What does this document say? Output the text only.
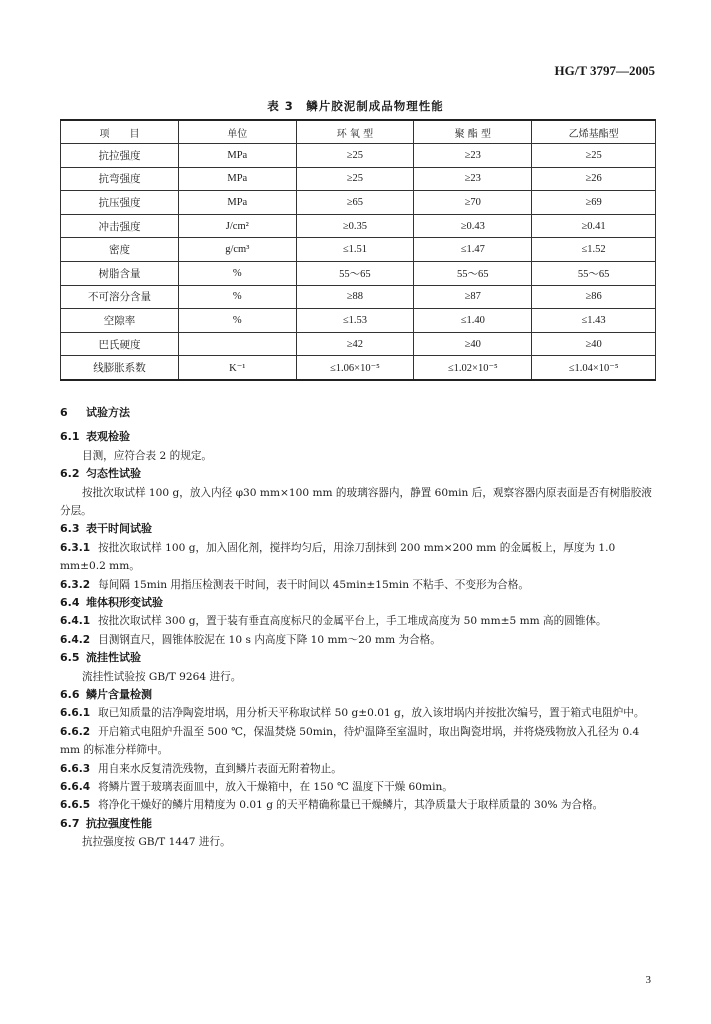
HG/T 3797—2005
表 3　鳞片胶泥制成品物理性能
项　　目	单位	环 氧 型	聚 酯 型	乙烯基酯型
抗拉强度	MPa	≥25	≥23	≥25
抗弯强度	MPa	≥25	≥23	≥26
抗压强度	MPa	≥65	≥70	≥69
冲击强度	J/cm²	≥0.35	≥0.43	≥0.41
密度	g/cm³	≤1.51	≤1.47	≤1.52
树脂含量	%	55～65	55～65	55～65
不可溶分含量	%	≥88	≥87	≥86
空隙率	%	≤1.53	≤1.40	≤1.43
巴氏硬度		≥42	≥40	≥40
线膨胀系数	K⁻¹	≤1.06×10⁻⁵	≤1.02×10⁻⁵	≤1.04×10⁻⁵
6 试验方法
6.1 表观检验
目测，应符合表 2 的规定。
6.2 匀态性试验
按批次取试样 100 g，放入内径 φ30 mm×100 mm 的玻璃容器内，静置 60min 后，观察容器内原表面是否有树脂胶液分层。
6.3 表干时间试验
6.3.1 按批次取试样 100 g，加入固化剂，搅拌均匀后，用涂刀刮抹到 200 mm×200 mm 的金属板上，厚度为 1.0 mm±0.2 mm。
6.3.2 每间隔 15min 用指压检测表干时间，表干时间以 45min±15min 不粘手、不变形为合格。
6.4 堆体积形变试验
6.4.1 按批次取试样 300 g，置于装有垂直高度标尺的金属平台上，手工堆成高度为 50 mm±5 mm 高的圆锥体。
6.4.2 目测钢直尺，圆锥体胶泥在 10 s 内高度下降 10 mm～20 mm 为合格。
6.5 流挂性试验
流挂性试验按 GB/T 9264 进行。
6.6 鳞片含量检测
6.6.1 取已知质量的洁净陶瓷坩埚，用分析天平称取试样 50 g±0.01 g，放入该坩埚内并按批次编号，置于箱式电阻炉中。
6.6.2 开启箱式电阻炉升温至 500 ℃，保温焚烧 50min，待炉温降至室温时，取出陶瓷坩埚，并将烧残物放入孔径为 0.4 mm 的标准分样筛中。
6.6.3 用自来水反复清洗残物，直到鳞片表面无附着物止。
6.6.4 将鳞片置于玻璃表面皿中，放入干燥箱中，在 150 ℃ 温度下干燥 60min。
6.6.5 将净化干燥好的鳞片用精度为 0.01 g 的天平精确称量已干燥鳞片，其净质量大于取样质量的 30% 为合格。
6.7 抗拉强度性能
抗拉强度按 GB/T 1447 进行。
3
